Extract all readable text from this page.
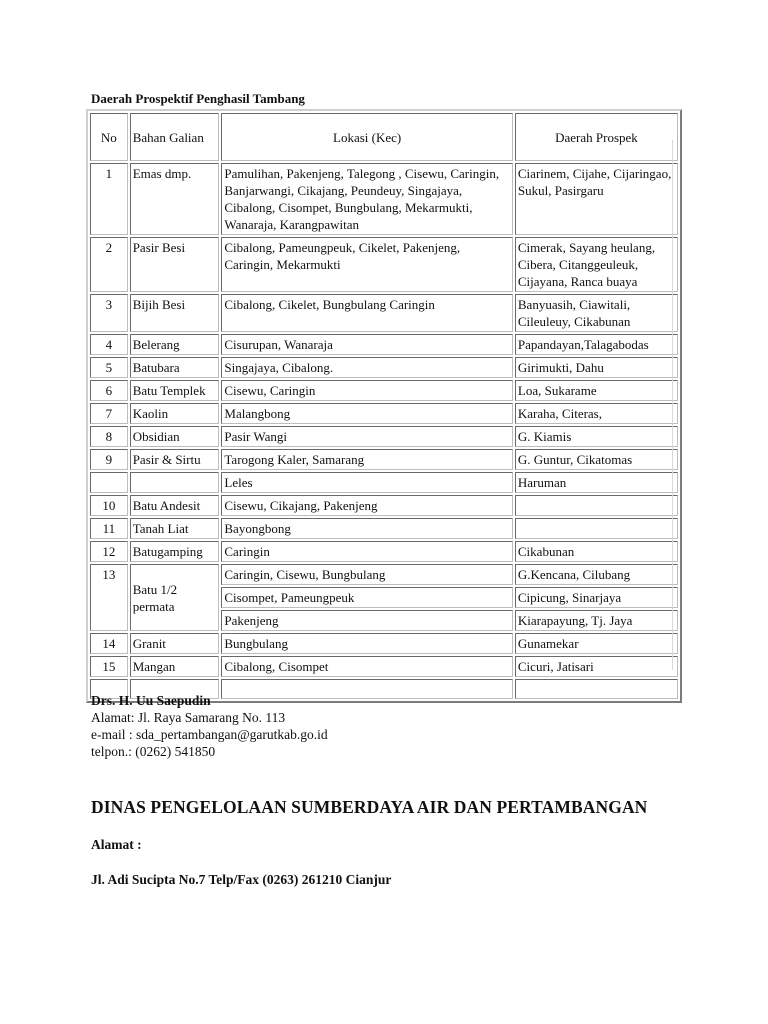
Daerah Prospektif Penghasil Tambang
No	Bahan Galian	Lokasi (Kec)	Daerah Prospek
1	Emas dmp.	Pamulihan, Pakenjeng, Talegong , Cisewu, Caringin, Banjarwangi, Cikajang, Peundeuy, Singajaya, Cibalong, Cisompet, Bungbulang, Mekarmukti, Wanaraja, Karangpawitan	Ciarinem, Cijahe, Cijaringao, Sukul, Pasirgaru
2	Pasir Besi	Cibalong, Pameungpeuk, Cikelet, Pakenjeng, Caringin, Mekarmukti	Cimerak, Sayang heulang, Cibera, Citanggeuleuk, Cijayana, Ranca buaya
3	Bijih Besi	Cibalong, Cikelet, Bungbulang Caringin	Banyuasih, Ciawitali, Cileuleuy, Cikabunan
4	Belerang	Cisurupan, Wanaraja	Papandayan,Talagabodas
5	Batubara	Singajaya, Cibalong.	Girimukti, Dahu
6	Batu Templek	Cisewu, Caringin	Loa, Sukarame
7	Kaolin	Malangbong	Karaha, Citeras,
8	Obsidian	Pasir Wangi	G. Kiamis
9	Pasir & Sirtu	Tarogong Kaler, Samarang	G. Guntur, Cikatomas
		Leles	Haruman
10	Batu Andesit	Cisewu, Cikajang, Pakenjeng	
11	Tanah Liat	Bayongbong	
12	Batugamping	Caringin	Cikabunan
13	Batu 1/2 permata	Caringin, Cisewu, Bungbulang	G.Kencana, Cilubang
		Cisompet, Pameungpeuk	Cipicung, Sinarjaya
		Pakenjeng	Kiarapayung, Tj. Jaya
14	Granit	Bungbulang	Gunamekar
15	Mangan	Cibalong, Cisompet	Cicuri, Jatisari

Drs. H. Uu Saepudin
Alamat: Jl. Raya Samarang No. 113
e-mail : sda_pertambangan@garutkab.go.id
telpon.: (0262) 541850
DINAS PENGELOLAAN SUMBERDAYA AIR DAN PERTAMBANGAN
Alamat :
Jl. Adi Sucipta No.7 Telp/Fax (0263) 261210 Cianjur
